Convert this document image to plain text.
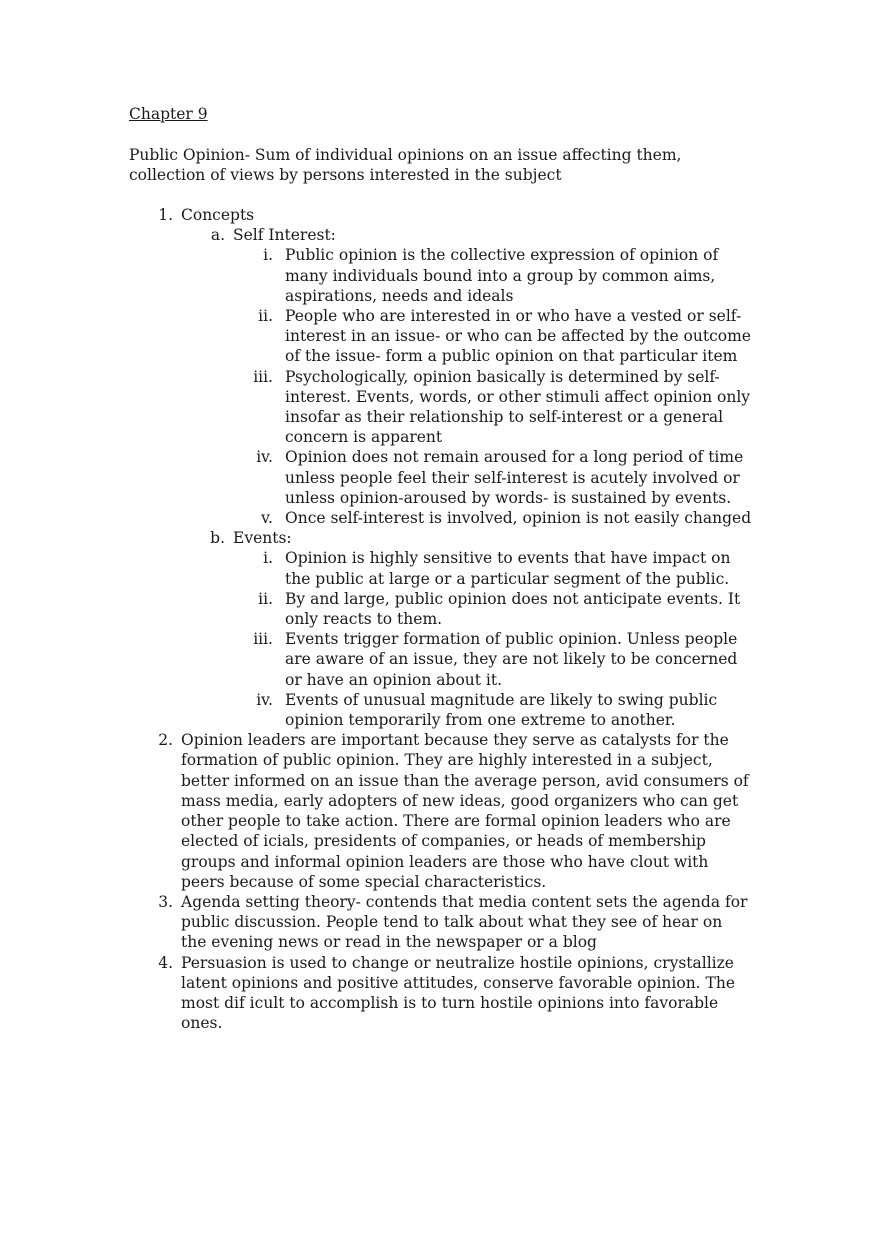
Chapter 9
Public Opinion- Sum of individual opinions on an issue affecting them, collection of views by persons interested in the subject
1. Concepts
a. Self Interest:
i. Public opinion is the collective expression of opinion of many individuals bound into a group by common aims, aspirations, needs and ideals
ii. People who are interested in or who have a vested or self-interest in an issue- or who can be affected by the outcome of the issue- form a public opinion on that particular item
iii. Psychologically, opinion basically is determined by self-interest. Events, words, or other stimuli affect opinion only insofar as their relationship to self-interest or a general concern is apparent
iv. Opinion does not remain aroused for a long period of time unless people feel their self-interest is acutely involved or unless opinion-aroused by words- is sustained by events.
v. Once self-interest is involved, opinion is not easily changed
b. Events:
i. Opinion is highly sensitive to events that have impact on the public at large or a particular segment of the public.
ii. By and large, public opinion does not anticipate events. It only reacts to them.
iii. Events trigger formation of public opinion. Unless people are aware of an issue, they are not likely to be concerned or have an opinion about it.
iv. Events of unusual magnitude are likely to swing public opinion temporarily from one extreme to another.
2. Opinion leaders are important because they serve as catalysts for the formation of public opinion. They are highly interested in a subject, better informed on an issue than the average person, avid consumers of mass media, early adopters of new ideas, good organizers who can get other people to take action. There are formal opinion leaders who are elected of icials, presidents of companies, or heads of membership groups and informal opinion leaders are those who have clout with peers because of some special characteristics.
3. Agenda setting theory- contends that media content sets the agenda for public discussion. People tend to talk about what they see of hear on the evening news or read in the newspaper or a blog
4. Persuasion is used to change or neutralize hostile opinions, crystallize latent opinions and positive attitudes, conserve favorable opinion. The most dif icult to accomplish is to turn hostile opinions into favorable ones.
